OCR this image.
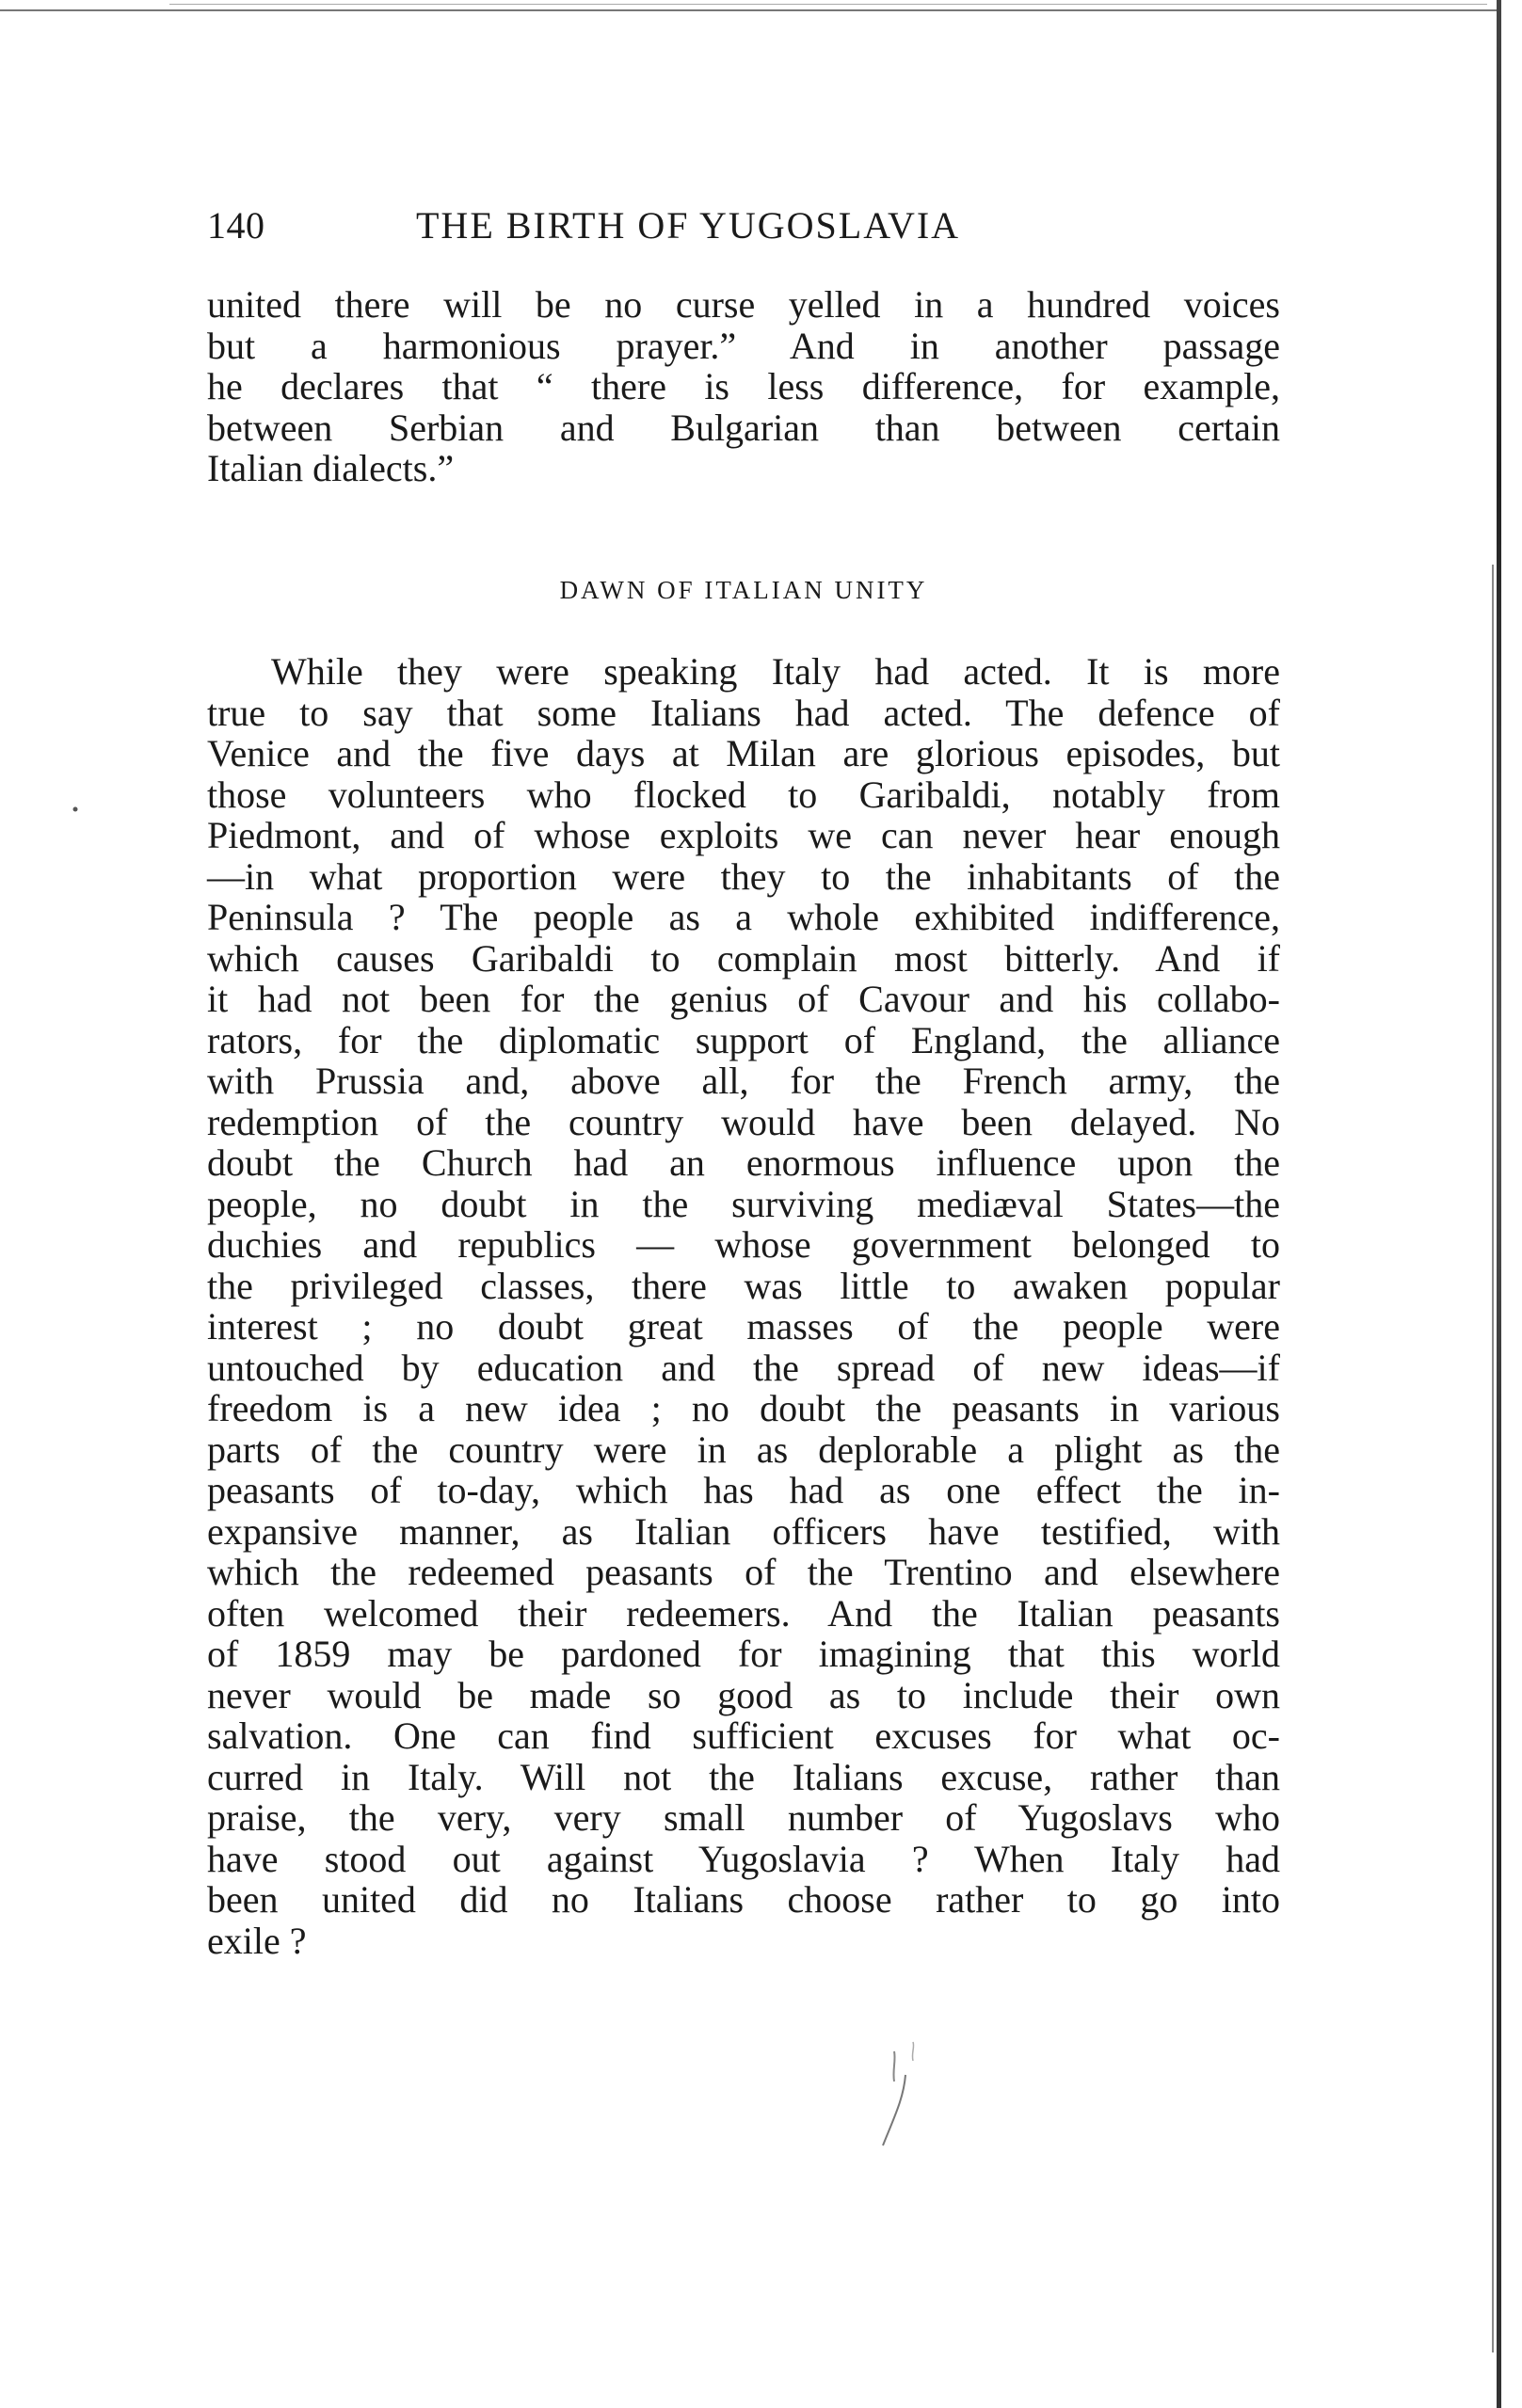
140	THE BIRTH OF YUGOSLAVIA
united there will be no curse yelled in a hundred voices
but a harmonious prayer.” And in another passage
he declares that “ there is less difference, for example,
between Serbian and Bulgarian than between certain
Italian dialects.”
DAWN OF ITALIAN UNITY
While they were speaking Italy had acted. It is more
true to say that some Italians had acted. The defence of
Venice and the five days at Milan are glorious episodes, but
those volunteers who flocked to Garibaldi, notably from
Piedmont, and of whose exploits we can never hear enough
—in what proportion were they to the inhabitants of the
Peninsula ? The people as a whole exhibited indifference,
which causes Garibaldi to complain most bitterly. And if
it had not been for the genius of Cavour and his collabo-
rators, for the diplomatic support of England, the alliance
with Prussia and, above all, for the French army, the
redemption of the country would have been delayed. No
doubt the Church had an enormous influence upon the
people, no doubt in the surviving mediæval States—the
duchies and republics — whose government belonged to
the privileged classes, there was little to awaken popular
interest ; no doubt great masses of the people were
untouched by education and the spread of new ideas—if
freedom is a new idea ; no doubt the peasants in various
parts of the country were in as deplorable a plight as the
peasants of to-day, which has had as one effect the in-
expansive manner, as Italian officers have testified, with
which the redeemed peasants of the Trentino and elsewhere
often welcomed their redeemers. And the Italian peasants
of 1859 may be pardoned for imagining that this world
never would be made so good as to include their own
salvation. One can find sufficient excuses for what oc-
curred in Italy. Will not the Italians excuse, rather than
praise, the very, very small number of Yugoslavs who
have stood out against Yugoslavia ? When Italy had
been united did no Italians choose rather to go into
exile ?
